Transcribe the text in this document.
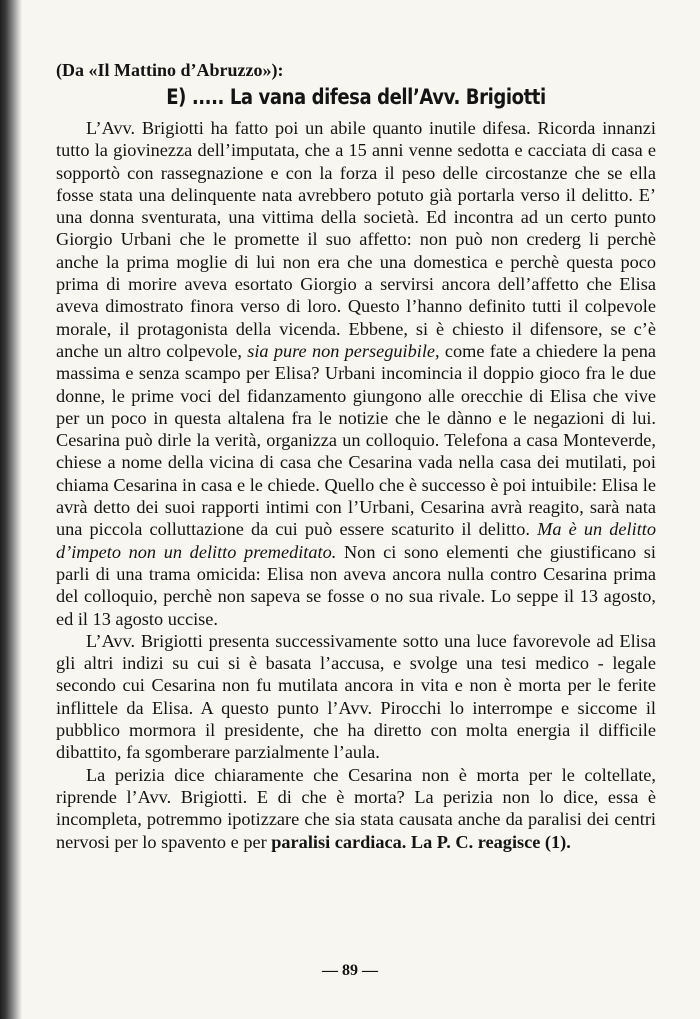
(Da «Il Mattino d’Abruzzo»):

E) ..... La vana difesa dell’Avv. Brigiotti

L’Avv. Brigiotti ha fatto poi un abile quanto inutile difesa. Ricorda innanzi tutto la giovinezza dell’imputata, che a 15 anni venne sedotta e cacciata di casa e sopportò con rassegnazione e con la forza il peso delle circostanze che se ella fosse stata una delinquente nata avrebbero potuto già portarla verso il delitto. E’ una donna sventurata, una vittima della società. Ed incontra ad un certo punto Giorgio Urbani che le promette il suo affetto: non può non crederg li perchè anche la prima moglie di lui non era che una domestica e perchè questa poco prima di morire aveva esortato Giorgio a servirsi ancora dell’affetto che Elisa aveva dimostrato finora verso di loro. Questo l’hanno definito tutti il colpevole morale, il protagonista della vicenda. Ebbene, si è chiesto il difensore, se c’è anche un altro colpevole, sia pure non perseguibile, come fate a chiedere la pena massima e senza scampo per Elisa? Urbani incomincia il doppio gioco fra le due donne, le prime voci del fidanzamento giungono alle orecchie di Elisa che vive per un poco in questa altalena fra le notizie che le dànno e le negazioni di lui. Cesarina può dirle la verità, organizza un colloquio. Telefona a casa Monteverde, chiese a nome della vicina di casa che Cesarina vada nella casa dei mutilati, poi chiama Cesarina in casa e le chiede. Quello che è successo è poi intuibile: Elisa le avrà detto dei suoi rapporti intimi con l’Urbani, Cesarina avrà reagito, sarà nata una piccola colluttazione da cui può essere scaturito il delitto. Ma è un delitto d’impeto non un delitto premeditato. Non ci sono elementi che giustificano si parli di una trama omicida: Elisa non aveva ancora nulla contro Cesarina prima del colloquio, perchè non sapeva se fosse o no sua rivale. Lo seppe il 13 agosto, ed il 13 agosto uccise.

L’Avv. Brigiotti presenta successivamente sotto una luce favorevole ad Elisa gli altri indizi su cui si è basata l’accusa, e svolge una tesi medico - legale secondo cui Cesarina non fu mutilata ancora in vita e non è morta per le ferite inflittele da Elisa. A questo punto l’Avv. Pirocchi lo interrompe e siccome il pubblico mormora il presidente, che ha diretto con molta energia il difficile dibattito, fa sgomberare parzialmente l’aula.

La perizia dice chiaramente che Cesarina non è morta per le coltellate, riprende l’Avv. Brigiotti. E di che è morta? La perizia non lo dice, essa è incompleta, potremmo ipotizzare che sia stata causata anche da paralisi dei centri nervosi per lo spavento e per paralisi cardiaca. La P. C. reagisce (1).

— 89 —
